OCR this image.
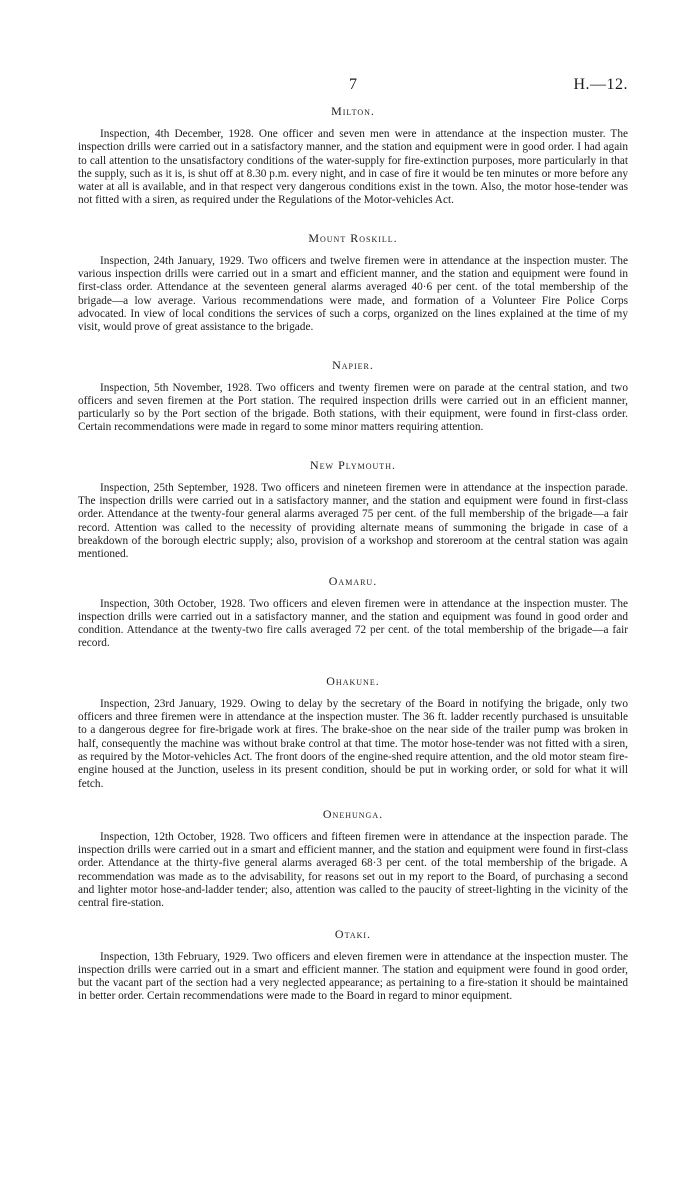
7	H.—12.

Milton.

Inspection, 4th December, 1928. One officer and seven men were in attendance at the inspection muster. The inspection drills were carried out in a satisfactory manner, and the station and equipment were in good order. I had again to call attention to the unsatisfactory conditions of the water-supply for fire-extinction purposes, more particularly in that the supply, such as it is, is shut off at 8.30 p.m. every night, and in case of fire it would be ten minutes or more before any water at all is available, and in that respect very dangerous conditions exist in the town. Also, the motor hose-tender was not fitted with a siren, as required under the Regulations of the Motor-vehicles Act.

Mount Roskill.

Inspection, 24th January, 1929. Two officers and twelve firemen were in attendance at the inspection muster. The various inspection drills were carried out in a smart and efficient manner, and the station and equipment were found in first-class order. Attendance at the seventeen general alarms averaged 40·6 per cent. of the total membership of the brigade—a low average. Various recommendations were made, and formation of a Volunteer Fire Police Corps advocated. In view of local conditions the services of such a corps, organized on the lines explained at the time of my visit, would prove of great assistance to the brigade.

Napier.

Inspection, 5th November, 1928. Two officers and twenty firemen were on parade at the central station, and two officers and seven firemen at the Port station. The required inspection drills were carried out in an efficient manner, particularly so by the Port section of the brigade. Both stations, with their equipment, were found in first-class order. Certain recommendations were made in regard to some minor matters requiring attention.

New Plymouth.

Inspection, 25th September, 1928. Two officers and nineteen firemen were in attendance at the inspection parade. The inspection drills were carried out in a satisfactory manner, and the station and equipment were found in first-class order. Attendance at the twenty-four general alarms averaged 75 per cent. of the full membership of the brigade—a fair record. Attention was called to the necessity of providing alternate means of summoning the brigade in case of a breakdown of the borough electric supply; also, provision of a workshop and storeroom at the central station was again mentioned.

Oamaru.

Inspection, 30th October, 1928. Two officers and eleven firemen were in attendance at the inspection muster. The inspection drills were carried out in a satisfactory manner, and the station and equipment was found in good order and condition. Attendance at the twenty-two fire calls averaged 72 per cent. of the total membership of the brigade—a fair record.

Ohakune.

Inspection, 23rd January, 1929. Owing to delay by the secretary of the Board in notifying the brigade, only two officers and three firemen were in attendance at the inspection muster. The 36 ft. ladder recently purchased is unsuitable to a dangerous degree for fire-brigade work at fires. The brake-shoe on the near side of the trailer pump was broken in half, consequently the machine was without brake control at that time. The motor hose-tender was not fitted with a siren, as required by the Motor-vehicles Act. The front doors of the engine-shed require attention, and the old motor steam fire-engine housed at the Junction, useless in its present condition, should be put in working order, or sold for what it will fetch.

Onehunga.

Inspection, 12th October, 1928. Two officers and fifteen firemen were in attendance at the inspection parade. The inspection drills were carried out in a smart and efficient manner, and the station and equipment were found in first-class order. Attendance at the thirty-five general alarms averaged 68·3 per cent. of the total membership of the brigade. A recommendation was made as to the advisability, for reasons set out in my report to the Board, of purchasing a second and lighter motor hose-and-ladder tender; also, attention was called to the paucity of street-lighting in the vicinity of the central fire-station.

Otaki.

Inspection, 13th February, 1929. Two officers and eleven firemen were in attendance at the inspection muster. The inspection drills were carried out in a smart and efficient manner. The station and equipment were found in good order, but the vacant part of the section had a very neglected appearance; as pertaining to a fire-station it should be maintained in better order. Certain recommendations were made to the Board in regard to minor equipment.
